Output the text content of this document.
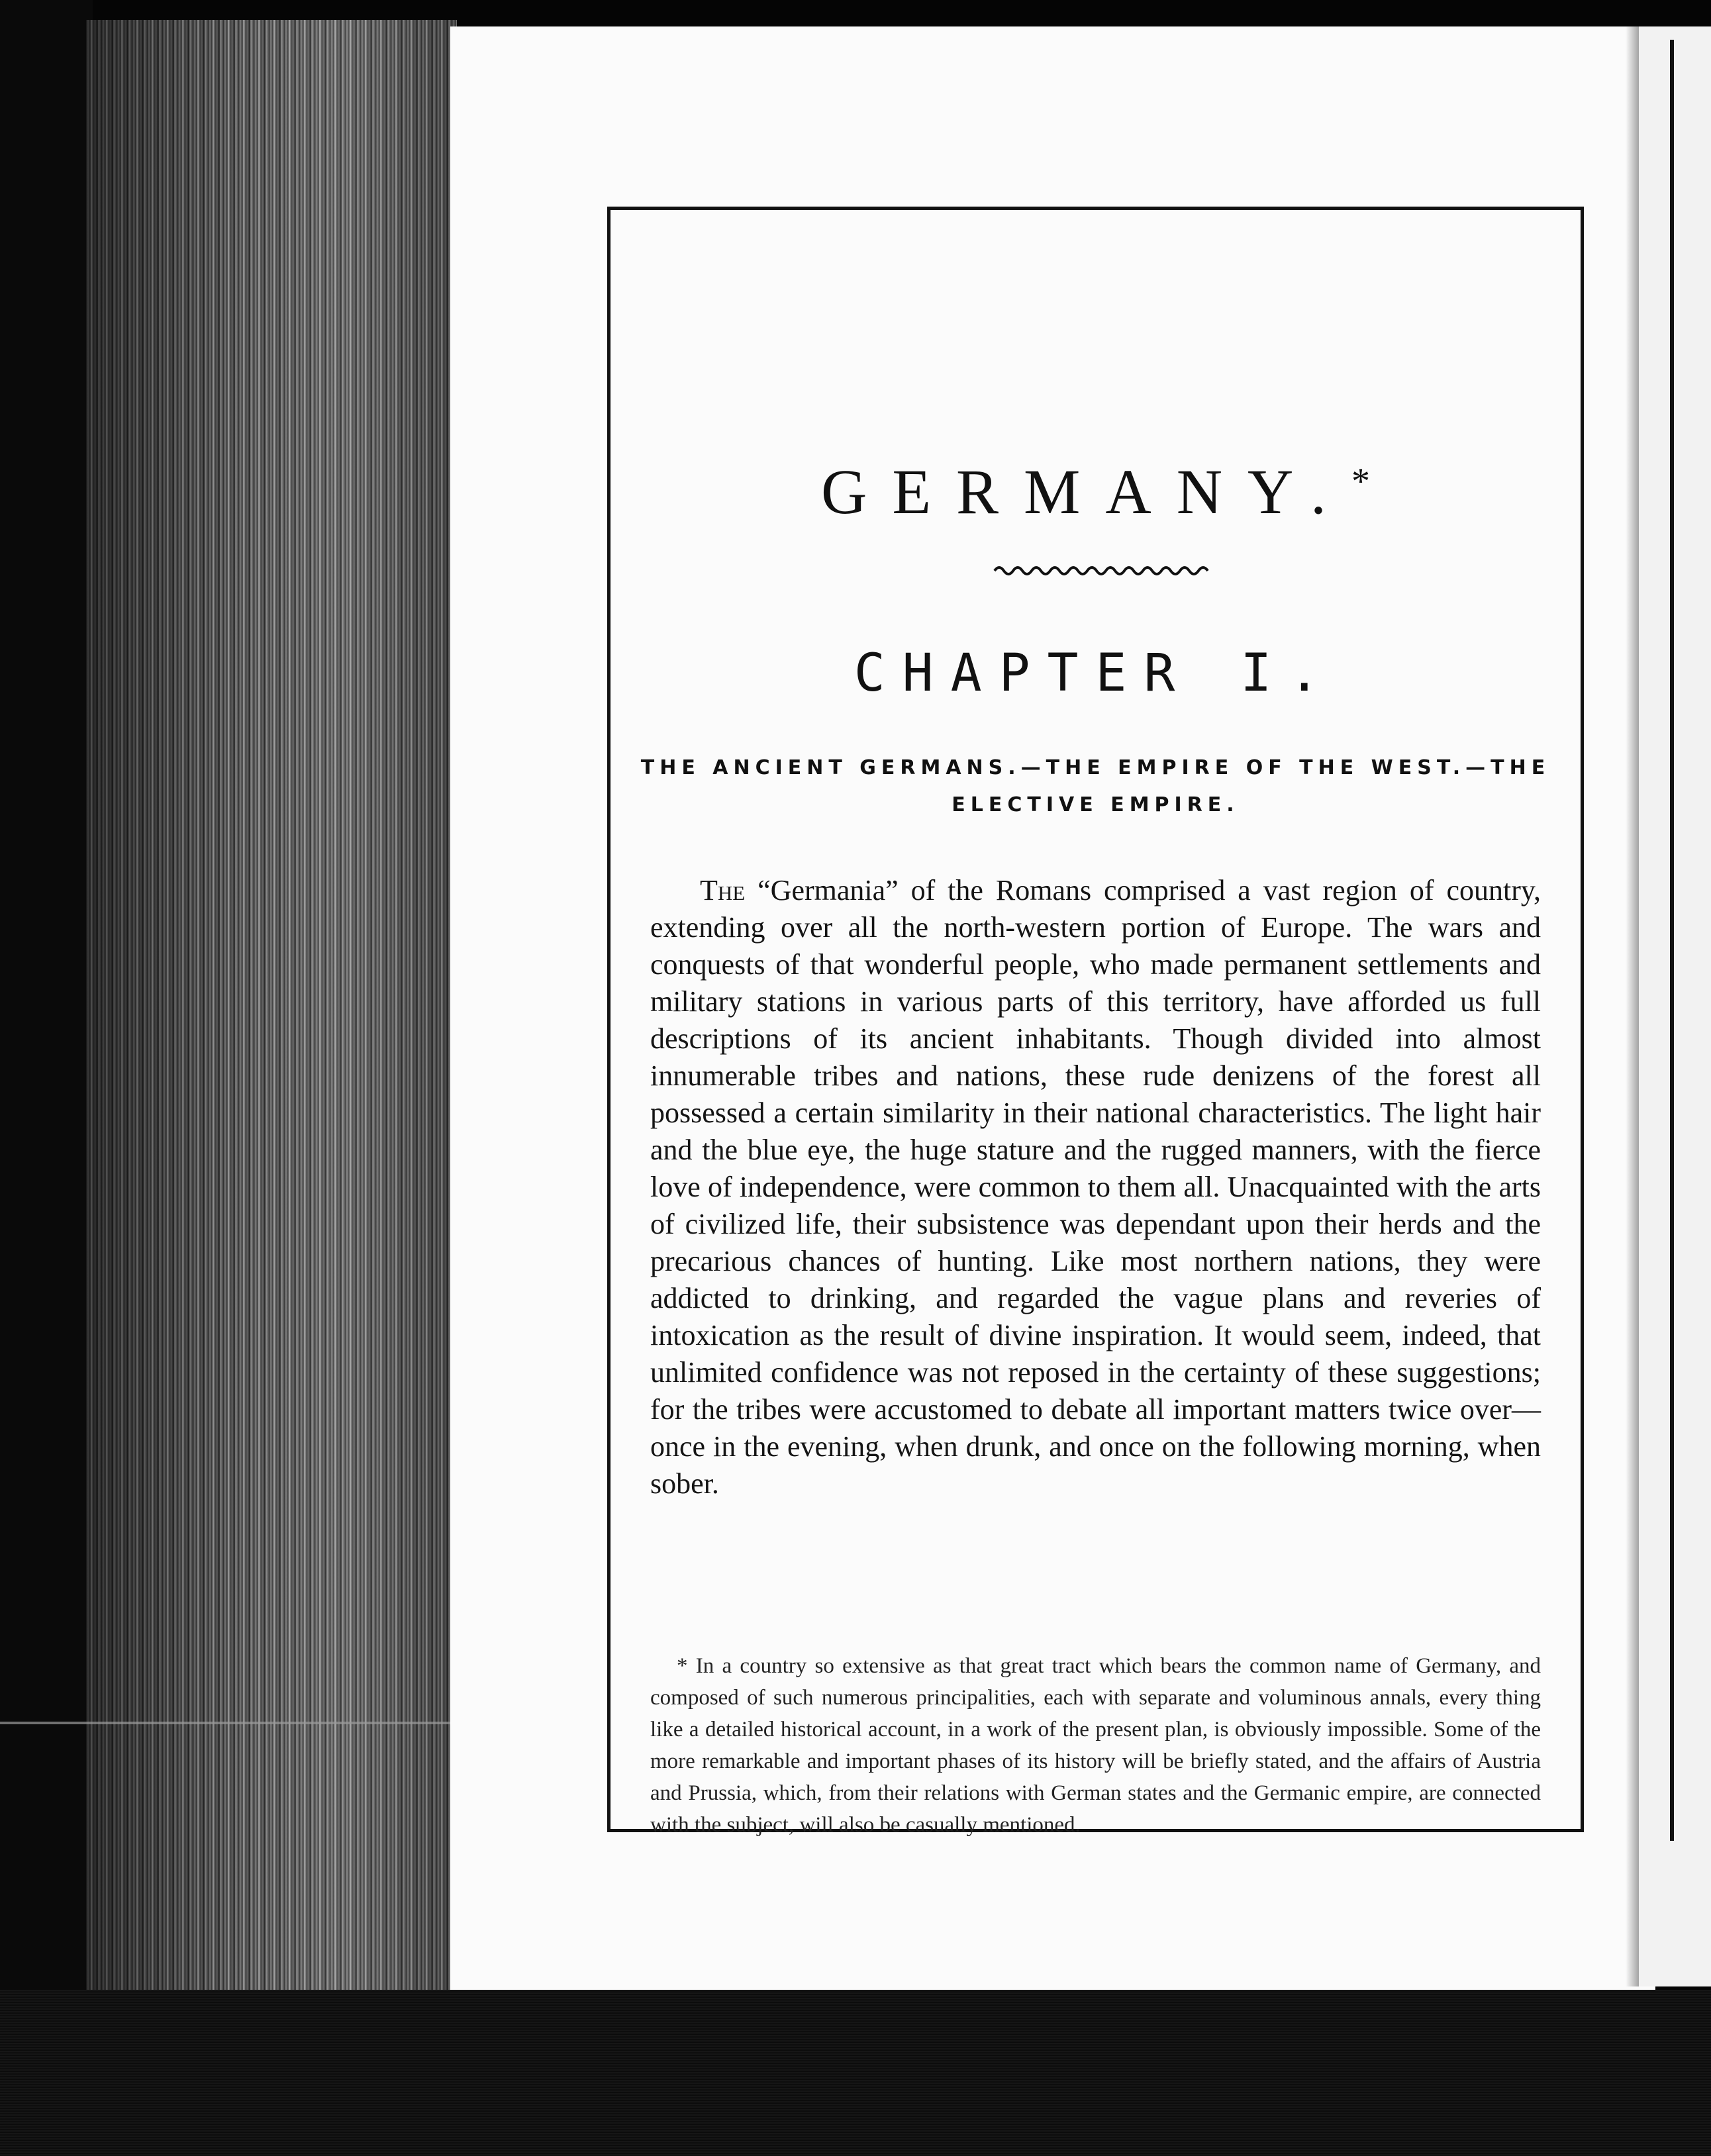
GERMANY.*
CHAPTER I.
THE ANCIENT GERMANS.—THE EMPIRE OF THE WEST.—THE ELECTIVE EMPIRE.

The “Germania” of the Romans comprised a vast region of country, extending over all the north-western portion of Europe. The wars and conquests of that wonderful people, who made permanent settlements and military stations in various parts of this territory, have afforded us full descriptions of its ancient inhabitants. Though divided into almost innumerable tribes and nations, these rude denizens of the forest all possessed a certain similarity in their national characteristics. The light hair and the blue eye, the huge stature and the rugged manners, with the fierce love of independence, were common to them all. Unacquainted with the arts of civilized life, their subsistence was dependant upon their herds and the precarious chances of hunting. Like most northern nations, they were addicted to drinking, and regarded the vague plans and reveries of intoxication as the result of divine inspiration. It would seem, indeed, that unlimited confidence was not reposed in the certainty of these suggestions; for the tribes were accustomed to debate all important matters twice over—once in the evening, when drunk, and once on the following morning, when sober.

* In a country so extensive as that great tract which bears the common name of Germany, and composed of such numerous principalities, each with separate and voluminous annals, every thing like a detailed historical account, in a work of the present plan, is obviously impossible. Some of the more remarkable and important phases of its history will be briefly stated, and the affairs of Austria and Prussia, which, from their relations with German states and the Germanic empire, are connected with the subject, will also be casually mentioned.
